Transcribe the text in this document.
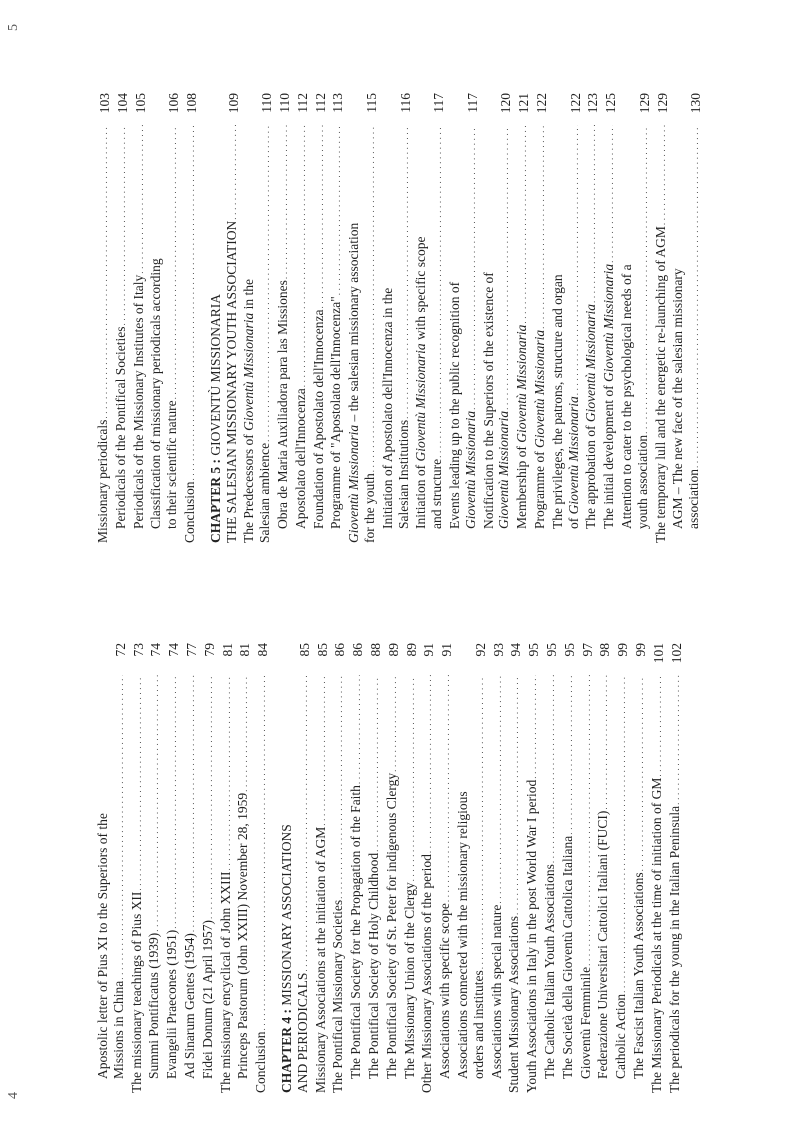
4
5
Apostolic letter of Pius XI to the Superiors of the Missions in China
. . .
72
The missionary teachings of Pius XII
. . .
73
Summi Pontificatus (1939)
. . .
74
Evangelii Praecones (1951)
. . .
74
Ad Sinarum Gentes (1954)
. . .
77
Fidei Donum (21 April 1957)
. . .
79
The missionary encyclical of John XXIII
. . .
81
Princeps Pastorum (John XXIII) November 28, 1959
. . .
81
Conclusion
. . .
84
CHAPTER 4 : MISSIONARY ASSOCIATIONS
AND PERIODICALS
. . .
85
Missionary Associations at the initiation of AGM
. . .
85
The Pontifical Missionary Societies
. . .
86
The Pontifical Society for the Propagation of the Faith
. . .
86
The Pontifical Society of Holy Childhood
. . .
88
The Pontifical Society of St. Peter for indigenous Clergy
. . .
89
The Missionary Union of the Clergy
. . .
89
Other Missionary Associations of the period
. . .
91
Associations with specific scope
. . .
91
Associations connected with the missionary religious orders and institutes
. . .
92
Associations with special nature
. . .
93
Student Missionary Associations
. . .
94
Youth Associations in Italy in the post World War I period
. . .
95
The Catholic Italian Youth Associations
. . .
95
The Società della Gioventù Cattolica Italiana
. . .
95
Gioventù Femminile
. . .
97
Federazione Universitari Cattolici Italiani (FUCI)
. . .
98
Catholic Action
. . .
99
The Fascist Italian Youth Associations
. . .
99
The Missionary Periodicals at the time of initiation of GM
. . .
101
The periodicals for the young in the Italian Peninsula
. . .
102
Missionary periodicals
. . .
103
Periodicals of the Pontifical Societies
. . .
104
Periodicals of the Missionary Institutes of Italy
. . .
105
Classification of missionary periodicals according to their scientific nature
. . .
106
Conclusion
. . .
108
CHAPTER 5 : GIOVENTÙ MISSIONARIA THE SALESIAN MISSIONARY YOUTH ASSOCIATION
. . .
109
The Predecessors of Gioventù Missionaria in the
Salesian ambience
. . .
110
Obra de Maria Auxiliadora para las Missiones
. . .
110
Apostolato dell'Innocenza
. . .
112
Foundation of Apostolato dell'Innocenza
. . .
112
Programme of "Apostolato dell'Innocenza"
. . .
113
Gioventù Missionaria – the salesian missionary association
for the youth
. . .
115
Initiation of Apostolato dell'Innocenza in the Salesian Institutions
. . .
116
Initiation of Gioventù Missionaria with specific scope
and structure
. . .
117
Events leading up to the public recognition of Gioventù Missionaria
. . .
117
Notification to the Superiors of the existence of Gioventù Missionaria
. . .
120
Membership of Gioventù Missionaria
. . .
121
Programme of Gioventù Missionaria
. . .
122
The privileges, the patrons, structure and organ of Gioventù Missionaria
. . .
122
The approbation of Gioventù Missionaria
. . .
123
The initial development of Gioventù Missionaria
. . .
125
Attention to cater to the psychological needs of a youth association
. . .
129
The temporary lull and the energetic re-launching of AGM
. . .
129
AGM – The new face of the salesian missionary association
. . .
130
